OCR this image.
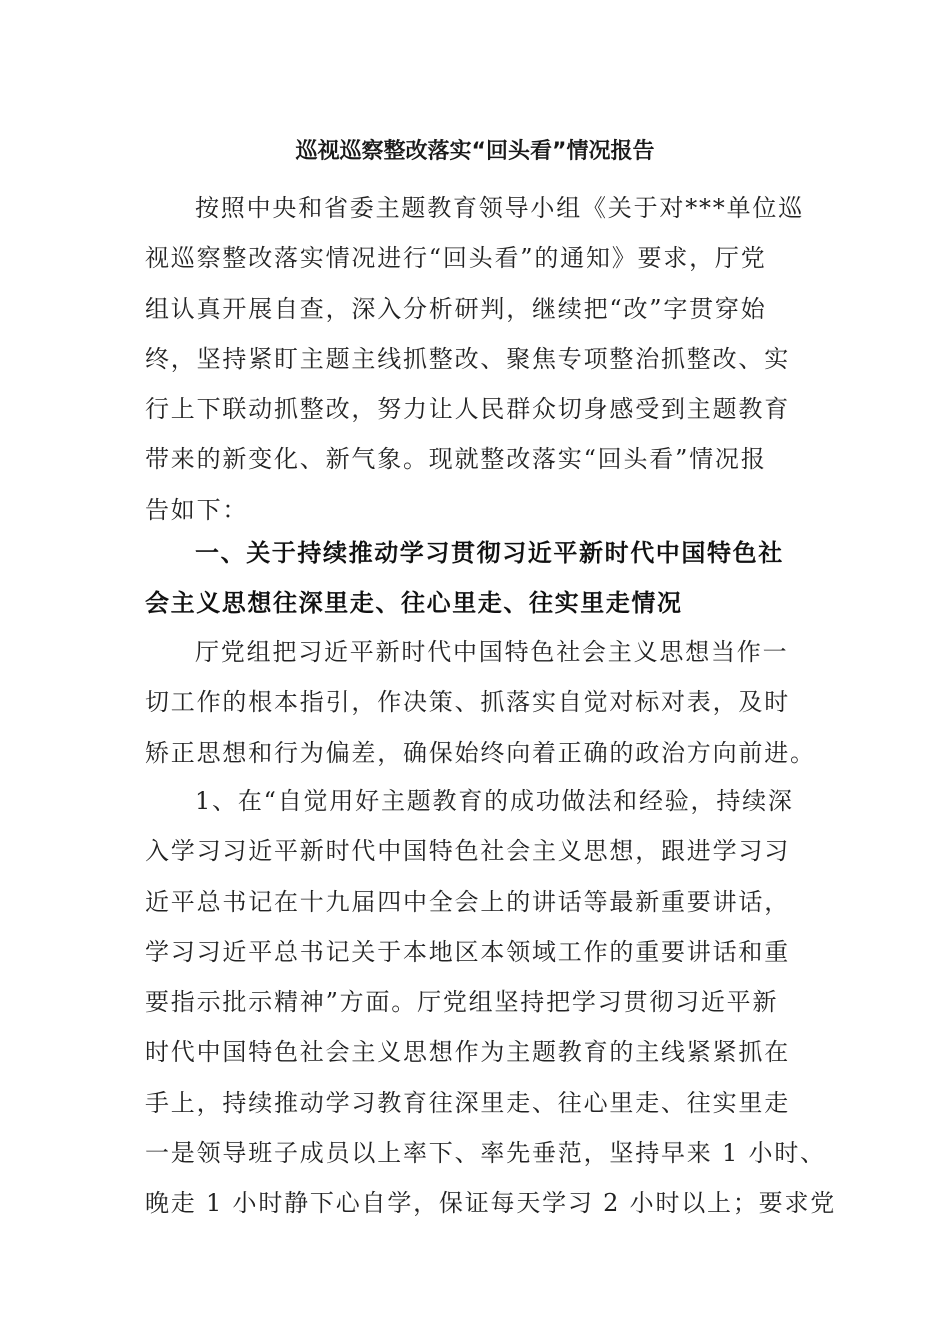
巡视巡察整改落实“回头看”情况报告
按照中央和省委主题教育领导小组《关于对***单位巡
视巡察整改落实情况进行“回头看”的通知》要求，厅党
组认真开展自查，深入分析研判，继续把“改”字贯穿始
终，坚持紧盯主题主线抓整改、聚焦专项整治抓整改、实
行上下联动抓整改，努力让人民群众切身感受到主题教育
带来的新变化、新气象。现就整改落实“回头看”情况报
告如下：
一、关于持续推动学习贯彻习近平新时代中国特色社
会主义思想往深里走、往心里走、往实里走情况
厅党组把习近平新时代中国特色社会主义思想当作一
切工作的根本指引，作决策、抓落实自觉对标对表，及时
矫正思想和行为偏差，确保始终向着正确的政治方向前进。
1、在“自觉用好主题教育的成功做法和经验，持续深
入学习习近平新时代中国特色社会主义思想，跟进学习习
近平总书记在十九届四中全会上的讲话等最新重要讲话，
学习习近平总书记关于本地区本领域工作的重要讲话和重
要指示批示精神”方面。厅党组坚持把学习贯彻习近平新
时代中国特色社会主义思想作为主题教育的主线紧紧抓在
手上，持续推动学习教育往深里走、往心里走、往实里走
一是领导班子成员以上率下、率先垂范，坚持早来 1 小时、
晚走 1 小时静下心自学，保证每天学习 2 小时以上；要求党
